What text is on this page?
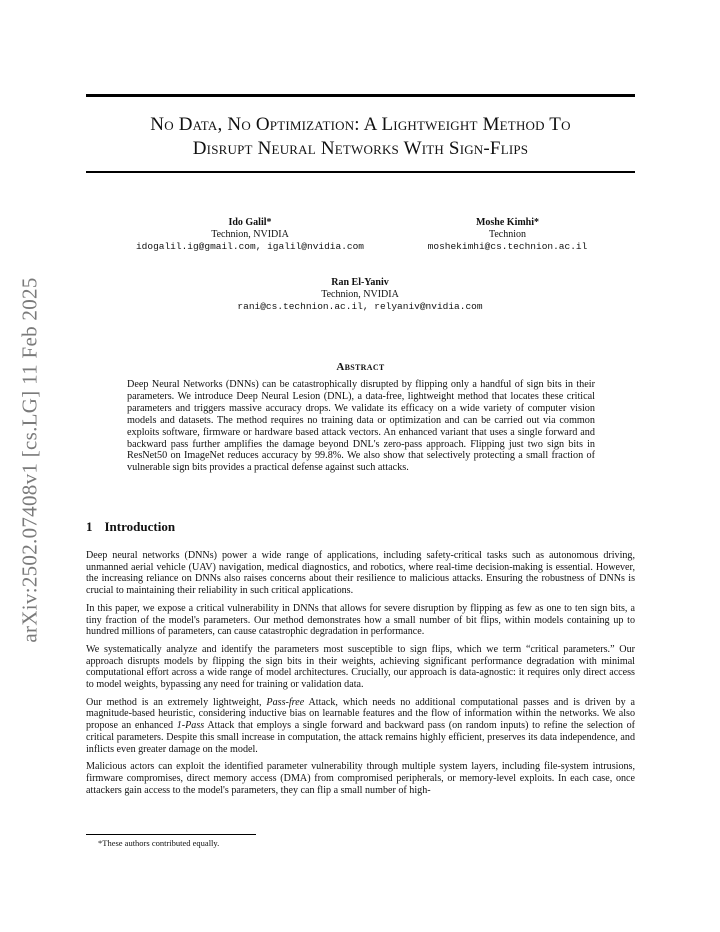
arXiv:2502.07408v1 [cs.LG] 11 Feb 2025
No Data, No Optimization: A Lightweight Method To
Disrupt Neural Networks With Sign-Flips
Ido Galil*
Technion, NVIDIA
idogalil.ig@gmail.com, igalil@nvidia.com
Moshe Kimhi*
Technion
moshekimhi@cs.technion.ac.il
Ran El-Yaniv
Technion, NVIDIA
rani@cs.technion.ac.il, relyaniv@nvidia.com
Abstract
Deep Neural Networks (DNNs) can be catastrophically disrupted by flipping only a handful of sign bits in their parameters. We introduce Deep Neural Lesion (DNL), a data-free, lightweight method that locates these critical parameters and triggers massive accuracy drops. We validate its efficacy on a wide variety of computer vision models and datasets. The method requires no training data or optimization and can be carried out via common exploits software, firmware or hardware based attack vectors. An enhanced variant that uses a single forward and backward pass further amplifies the damage beyond DNL's zero-pass approach. Flipping just two sign bits in ResNet50 on ImageNet reduces accuracy by 99.8%. We also show that selectively protecting a small fraction of vulnerable sign bits provides a practical defense against such attacks.
1 Introduction

Deep neural networks (DNNs) power a wide range of applications, including safety-critical tasks such as autonomous driving, unmanned aerial vehicle (UAV) navigation, medical diagnostics, and robotics, where real-time decision-making is essential. However, the increasing reliance on DNNs also raises concerns about their resilience to malicious attacks. Ensuring the robustness of DNNs is crucial to maintaining their reliability in such critical applications.

In this paper, we expose a critical vulnerability in DNNs that allows for severe disruption by flipping as few as one to ten sign bits, a tiny fraction of the model's parameters. Our method demonstrates how a small number of bit flips, within models containing up to hundred millions of parameters, can cause catastrophic degradation in performance.

We systematically analyze and identify the parameters most susceptible to sign flips, which we term “critical parameters.” Our approach disrupts models by flipping the sign bits in their weights, achieving significant performance degradation with minimal computational effort across a wide range of model architectures. Crucially, our approach is data-agnostic: it requires only direct access to model weights, bypassing any need for training or validation data.

Our method is an extremely lightweight, Pass-free Attack, which needs no additional computational passes and is driven by a magnitude-based heuristic, considering inductive bias on learnable features and the flow of information within the networks. We also propose an enhanced 1-Pass Attack that employs a single forward and backward pass (on random inputs) to refine the selection of critical parameters. Despite this small increase in computation, the attack remains highly efficient, preserves its data independence, and inflicts even greater damage on the model.

Malicious actors can exploit the identified parameter vulnerability through multiple system layers, including file-system intrusions, firmware compromises, direct memory access (DMA) from compromised peripherals, or memory-level exploits. In each case, once attackers gain access to the model's parameters, they can flip a small number of high-

*These authors contributed equally.
